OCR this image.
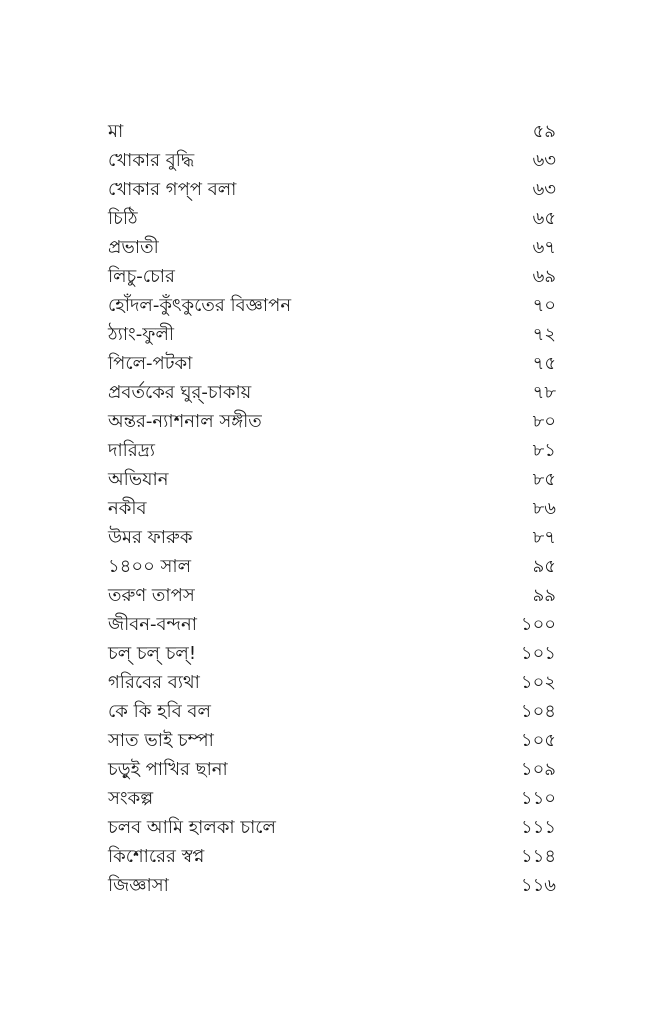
মা	৫৯
খোকার বুদ্ধি	৬৩
খোকার গপ্‌প বলা	৬৩
চিঠি	৬৫
প্রভাতী	৬৭
লিচু-চোর	৬৯
হোঁদল-কুঁৎকুতের বিজ্ঞাপন	৭০
ঠ্যাং-ফুলী	৭২
পিলে-পটকা	৭৫
প্রবর্তকের ঘুর্-চাকায়	৭৮
অন্তর-ন্যাশনাল সঙ্গীত	৮০
দারিদ্র্য	৮১
অভিযান	৮৫
নকীব	৮৬
উমর ফারুক	৮৭
১৪০০ সাল	৯৫
তরুণ তাপস	৯৯
জীবন-বন্দনা	১০০
চল্‌ চল্‌ চল্‌!	১০১
গরিবের ব্যথা	১০২
কে কি হবি বল	১০৪
সাত ভাই চম্পা	১০৫
চড়ুই পাখির ছানা	১০৯
সংকল্প	১১০
চলব আমি হালকা চালে	১১১
কিশোরের স্বপ্ন	১১৪
জিজ্ঞাসা	১১৬
